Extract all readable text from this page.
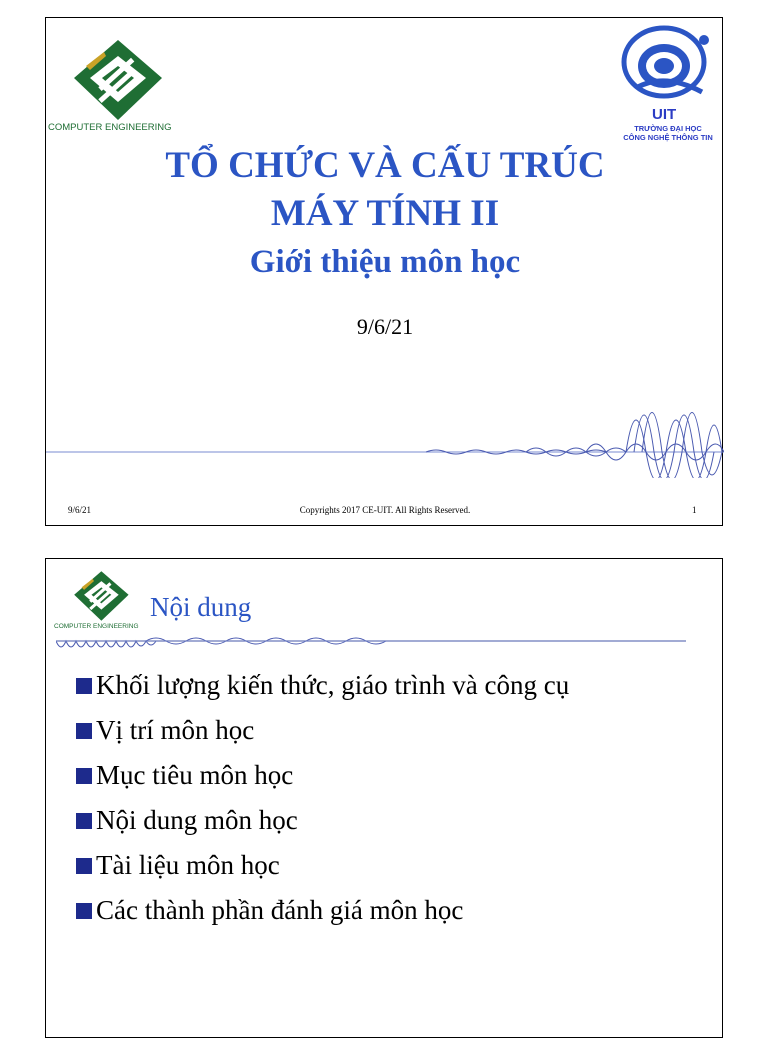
COMPUTER ENGINEERING
UIT
TRƯỜNG ĐẠI HỌC
CÔNG NGHỆ THÔNG TIN
TỔ CHỨC VÀ CẤU TRÚC
MÁY TÍNH II
Giới thiệu môn học
9/6/21
9/6/21	Copyrights 2017 CE-UIT. All Rights Reserved.	1
COMPUTER ENGINEERING
Nội dung
Khối lượng kiến thức, giáo trình và công cụ
Vị trí môn học
Mục tiêu môn học
Nội dung môn học
Tài liệu môn học
Các thành phần đánh giá môn học
